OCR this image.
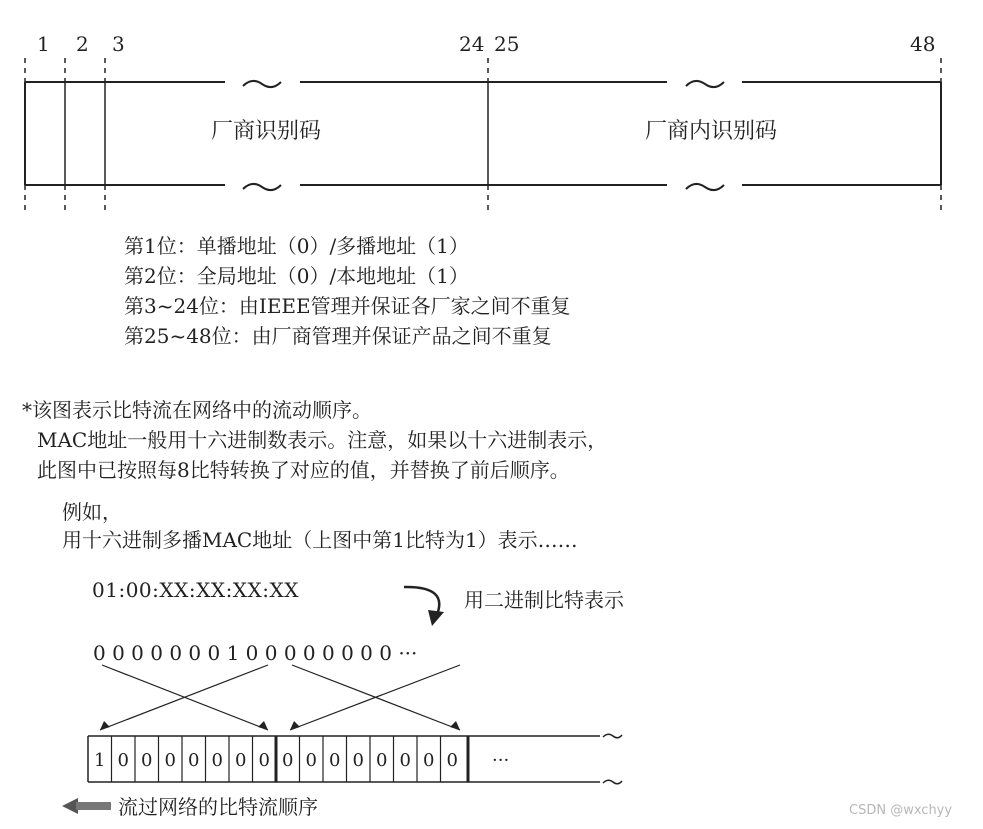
1 0 0 0 0 0 0 0 0 0 0 0 0 0 0 0 ···
1 2 3	24 25	48
厂商识别码	厂商内识别码
第1位：单播地址（0）/多播地址（1）
第2位：全局地址（0）/本地地址（1）
第3~24位：由IEEE管理并保证各厂家之间不重复
第25~48位：由厂商管理并保证产品之间不重复
*该图表示比特流在网络中的流动顺序。
MAC地址一般用十六进制数表示。注意，如果以十六进制表示，
此图中已按照每8比特转换了对应的值，并替换了前后顺序。
例如，
用十六进制多播MAC地址（上图中第1比特为1）表示……
01:00:XX:XX:XX:XX	用二进制比特表示
0 0 0 0 0 0 0 1 0 0 0 0 0 0 0 0 ···
流过网络的比特流顺序	CSDN @wxchyy
